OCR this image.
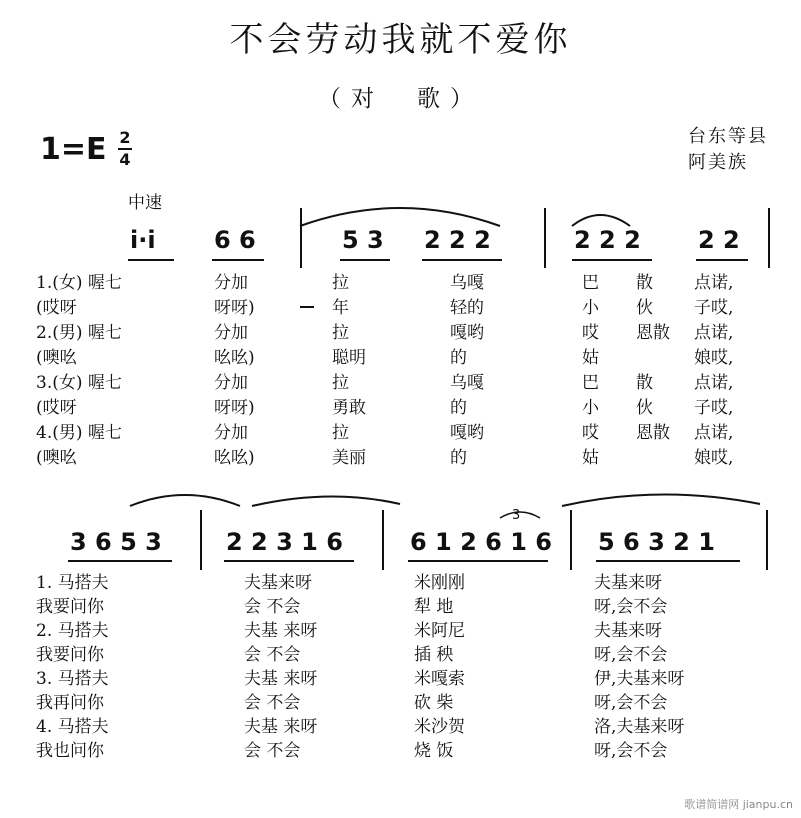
不会劳动我就不爱你
（对　歌）
1=E 2
4
台东等县
阿美族
中速
i·i 6 6	5 3 2 2 2	2 2 2 2 2
1.(女) 喔七	分加	拉	乌嘎	巴 散 点诺,
(哎呀	呀呀)	年	轻的	小 伙 子哎,
2.(男) 喔七	分加	拉	嘎哟	哎 恩散 点诺,
(噢吆	吆吆)	聪明	的	姑	娘哎,
3.(女) 喔七	分加	拉	乌嘎	巴 散 点诺,
(哎呀	呀呀)	勇敢	的	小 伙 子哎,
4.(男) 喔七	分加	拉	嘎哟	哎 恩散 点诺,
(噢吆	吆吆)	美丽	的	姑	娘哎,
3 6 5 3	2 2 3 1 6	6 1 2 6 1 6 5 6 3 2 1
3
1. 马搭夫	夫基来呀	米刚刚	夫基来呀
我要问你	会 不会	犁 地	呀,会不会
2. 马搭夫	夫基 来呀	米阿尼	夫基来呀
我要问你	会 不会	插 秧	呀,会不会
3. 马搭夫	夫基 来呀	米嘎索	伊,夫基来呀
我再问你	会 不会	砍 柴	呀,会不会
4. 马搭夫	夫基 来呀	米沙贺	洛,夫基来呀
我也问你	会 不会	烧 饭	呀,会不会
歌谱简谱网 jianpu.cn
